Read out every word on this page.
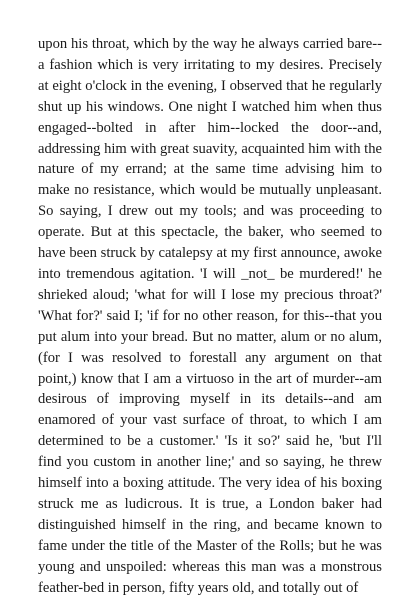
upon his throat, which by the way he always carried bare--a fashion which is very irritating to my desires. Precisely at eight o'clock in the evening, I observed that he regularly shut up his windows. One night I watched him when thus engaged--bolted in after him--locked the door--and, addressing him with great suavity, acquainted him with the nature of my errand; at the same time advising him to make no resistance, which would be mutually unpleasant. So saying, I drew out my tools; and was proceeding to operate. But at this spectacle, the baker, who seemed to have been struck by catalepsy at my first announce, awoke into tremendous agitation. 'I will _not_ be murdered!' he shrieked aloud; 'what for will I lose my precious throat?' 'What for?' said I; 'if for no other reason, for this--that you put alum into your bread. But no matter, alum or no alum, (for I was resolved to forestall any argument on that point,) know that I am a virtuoso in the art of murder--am desirous of improving myself in its details--and am enamored of your vast surface of throat, to which I am determined to be a customer.' 'Is it so?' said he, 'but I'll find you custom in another line;' and so saying, he threw himself into a boxing attitude. The very idea of his boxing struck me as ludicrous. It is true, a London baker had distinguished himself in the ring, and became known to fame under the title of the Master of the Rolls; but he was young and unspoiled: whereas this man was a monstrous feather-bed in person, fifty years old, and totally out of
